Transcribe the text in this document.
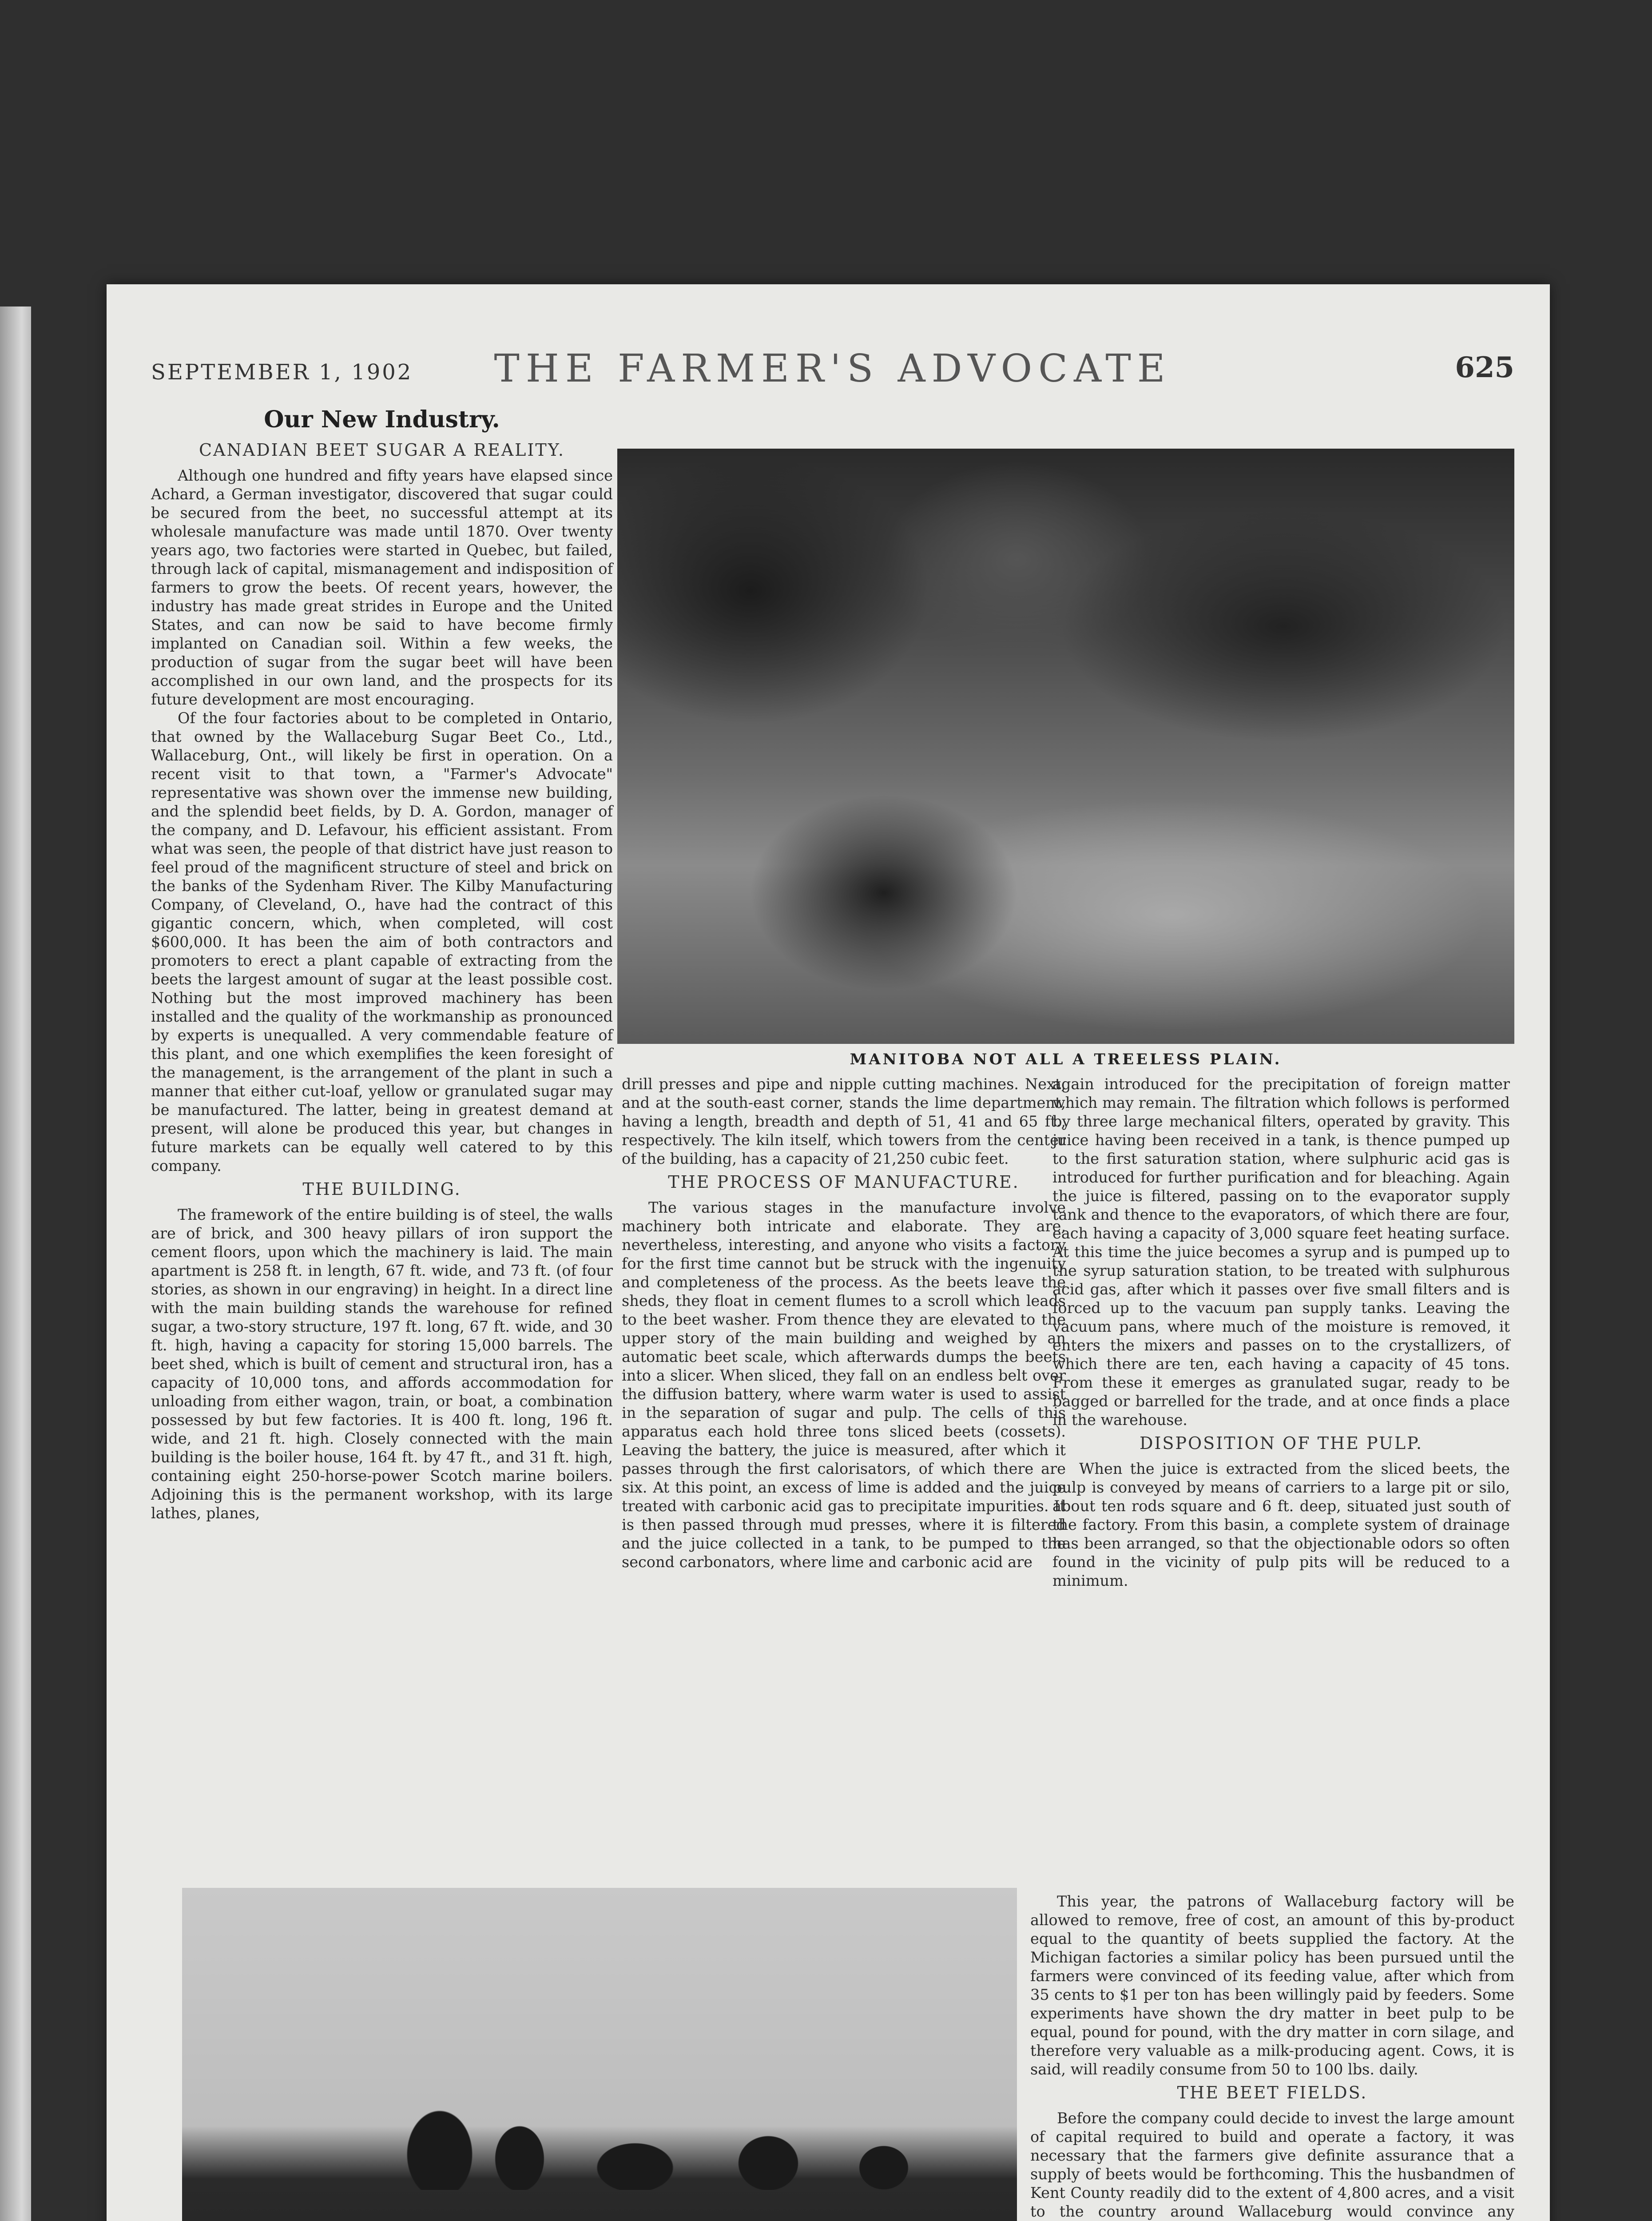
SEPTEMBER 1, 1902	THE FARMER'S ADVOCATE	625
Our New Industry.
CANADIAN BEET SUGAR A REALITY.

Although one hundred and fifty years have elapsed since Achard, a German investigator, discovered that sugar could be secured from the beet, no successful attempt at its wholesale manufacture was made until 1870. Over twenty years ago, two factories were started in Quebec, but failed, through lack of capital, mismanagement and indisposition of farmers to grow the beets. Of recent years, however, the industry has made great strides in Europe and the United States, and can now be said to have become firmly implanted on Canadian soil. Within a few weeks, the production of sugar from the sugar beet will have been accomplished in our own land, and the prospects for its future development are most encouraging.

Of the four factories about to be completed in Ontario, that owned by the Wallaceburg Sugar Beet Co., Ltd., Wallaceburg, Ont., will likely be first in operation. On a recent visit to that town, a "Farmer's Advocate" representative was shown over the immense new building, and the splendid beet fields, by D. A. Gordon, manager of the company, and D. Lefavour, his efficient assistant. From what was seen, the people of that district have just reason to feel proud of the magnificent structure of steel and brick on the banks of the Sydenham River. The Kilby Manufacturing Company, of Cleveland, O., have had the contract of this gigantic concern, which, when completed, will cost $600,000. It has been the aim of both contractors and promoters to erect a plant capable of extracting from the beets the largest amount of sugar at the least possible cost. Nothing but the most improved machinery has been installed and the quality of the workmanship as pronounced by experts is unequalled. A very commendable feature of this plant, and one which exemplifies the keen foresight of the management, is the arrangement of the plant in such a manner that either cut-loaf, yellow or granulated sugar may be manufactured. The latter, being in greatest demand at present, will alone be produced this year, but changes in future markets can be equally well catered to by this company.

THE BUILDING.

The framework of the entire building is of steel, the walls are of brick, and 300 heavy pillars of iron support the cement floors, upon which the machinery is laid. The main apartment is 258 ft. in length, 67 ft. wide, and 73 ft. (of four stories, as shown in our engraving) in height. In a direct line with the main building stands the warehouse for refined sugar, a two-story structure, 197 ft. long, 67 ft. wide, and 30 ft. high, having a capacity for storing 15,000 barrels. The beet shed, which is built of cement and structural iron, has a capacity of 10,000 tons, and affords accommodation for unloading from either wagon, train, or boat, a combination possessed by but few factories. It is 400 ft. long, 196 ft. wide, and 21 ft. high. Closely connected with the main building is the boiler house, 164 ft. by 47 ft., and 31 ft. high, containing eight 250-horse-power Scotch marine boilers. Adjoining this is the permanent workshop, with its large lathes, planes,

MANITOBA NOT ALL A TREELESS PLAIN.

drill presses and pipe and nipple cutting machines. Next, and at the south-east corner, stands the lime department, having a length, breadth and depth of 51, 41 and 65 ft., respectively. The kiln itself, which towers from the center of the building, has a capacity of 21,250 cubic feet.

THE PROCESS OF MANUFACTURE.

The various stages in the manufacture involve machinery both intricate and elaborate. They are, nevertheless, interesting, and anyone who visits a factory for the first time cannot but be struck with the ingenuity and completeness of the process. As the beets leave the sheds, they float in cement flumes to a scroll which leads to the beet washer. From thence they are elevated to the upper story of the main building and weighed by an automatic beet scale, which afterwards dumps the beets into a slicer. When sliced, they fall on an endless belt over the diffusion battery, where warm water is used to assist in the separation of sugar and pulp. The cells of this apparatus each hold three tons sliced beets (cossets). Leaving the battery, the juice is measured, after which it passes through the first calorisators, of which there are six. At this point, an excess of lime is added and the juice treated with carbonic acid gas to precipitate impurities. It is then passed through mud presses, where it is filtered and the juice collected in a tank, to be pumped to the second carbonators, where lime and carbonic acid are

again introduced for the precipitation of foreign matter which may remain. The filtration which follows is performed by three large mechanical filters, operated by gravity. This juice having been received in a tank, is thence pumped up to the first saturation station, where sulphuric acid gas is introduced for further purification and for bleaching. Again the juice is filtered, passing on to the evaporator supply tank and thence to the evaporators, of which there are four, each having a capacity of 3,000 square feet heating surface. At this time the juice becomes a syrup and is pumped up to the syrup saturation station, to be treated with sulphurous acid gas, after which it passes over five small filters and is forced up to the vacuum pan supply tanks. Leaving the vacuum pans, where much of the moisture is removed, it enters the mixers and passes on to the crystallizers, of which there are ten, each having a capacity of 45 tons. From these it emerges as granulated sugar, ready to be bagged or barrelled for the trade, and at once finds a place in the warehouse.

DISPOSITION OF THE PULP.

When the juice is extracted from the sliced beets, the pulp is conveyed by means of carriers to a large pit or silo, about ten rods square and 6 ft. deep, situated just south of the factory. From this basin, a complete system of drainage has been arranged, so that the objectionable odors so often found in the vicinity of pulp pits will be reduced to a minimum.

This year, the patrons of Wallaceburg factory will be allowed to remove, free of cost, an amount of this by-product equal to the quantity of beets supplied the factory. At the Michigan factories a similar policy has been pursued until the farmers were convinced of its feeding value, after which from 35 cents to $1 per ton has been willingly paid by feeders. Some experiments have shown the dry matter in beet pulp to be equal, pound for pound, with the dry matter in corn silage, and therefore very valuable as a milk-producing agent. Cows, it is said, will readily consume from 50 to 100 lbs. daily.

THE BEET FIELDS.

Before the company could decide to invest the large amount of capital required to build and operate a factory, it was necessary that the farmers give definite assurance that a supply of beets would be forthcoming. This the husbandmen of Kent County readily did to the extent of 4,800 acres, and a visit to the country around Wallaceburg would convince any
